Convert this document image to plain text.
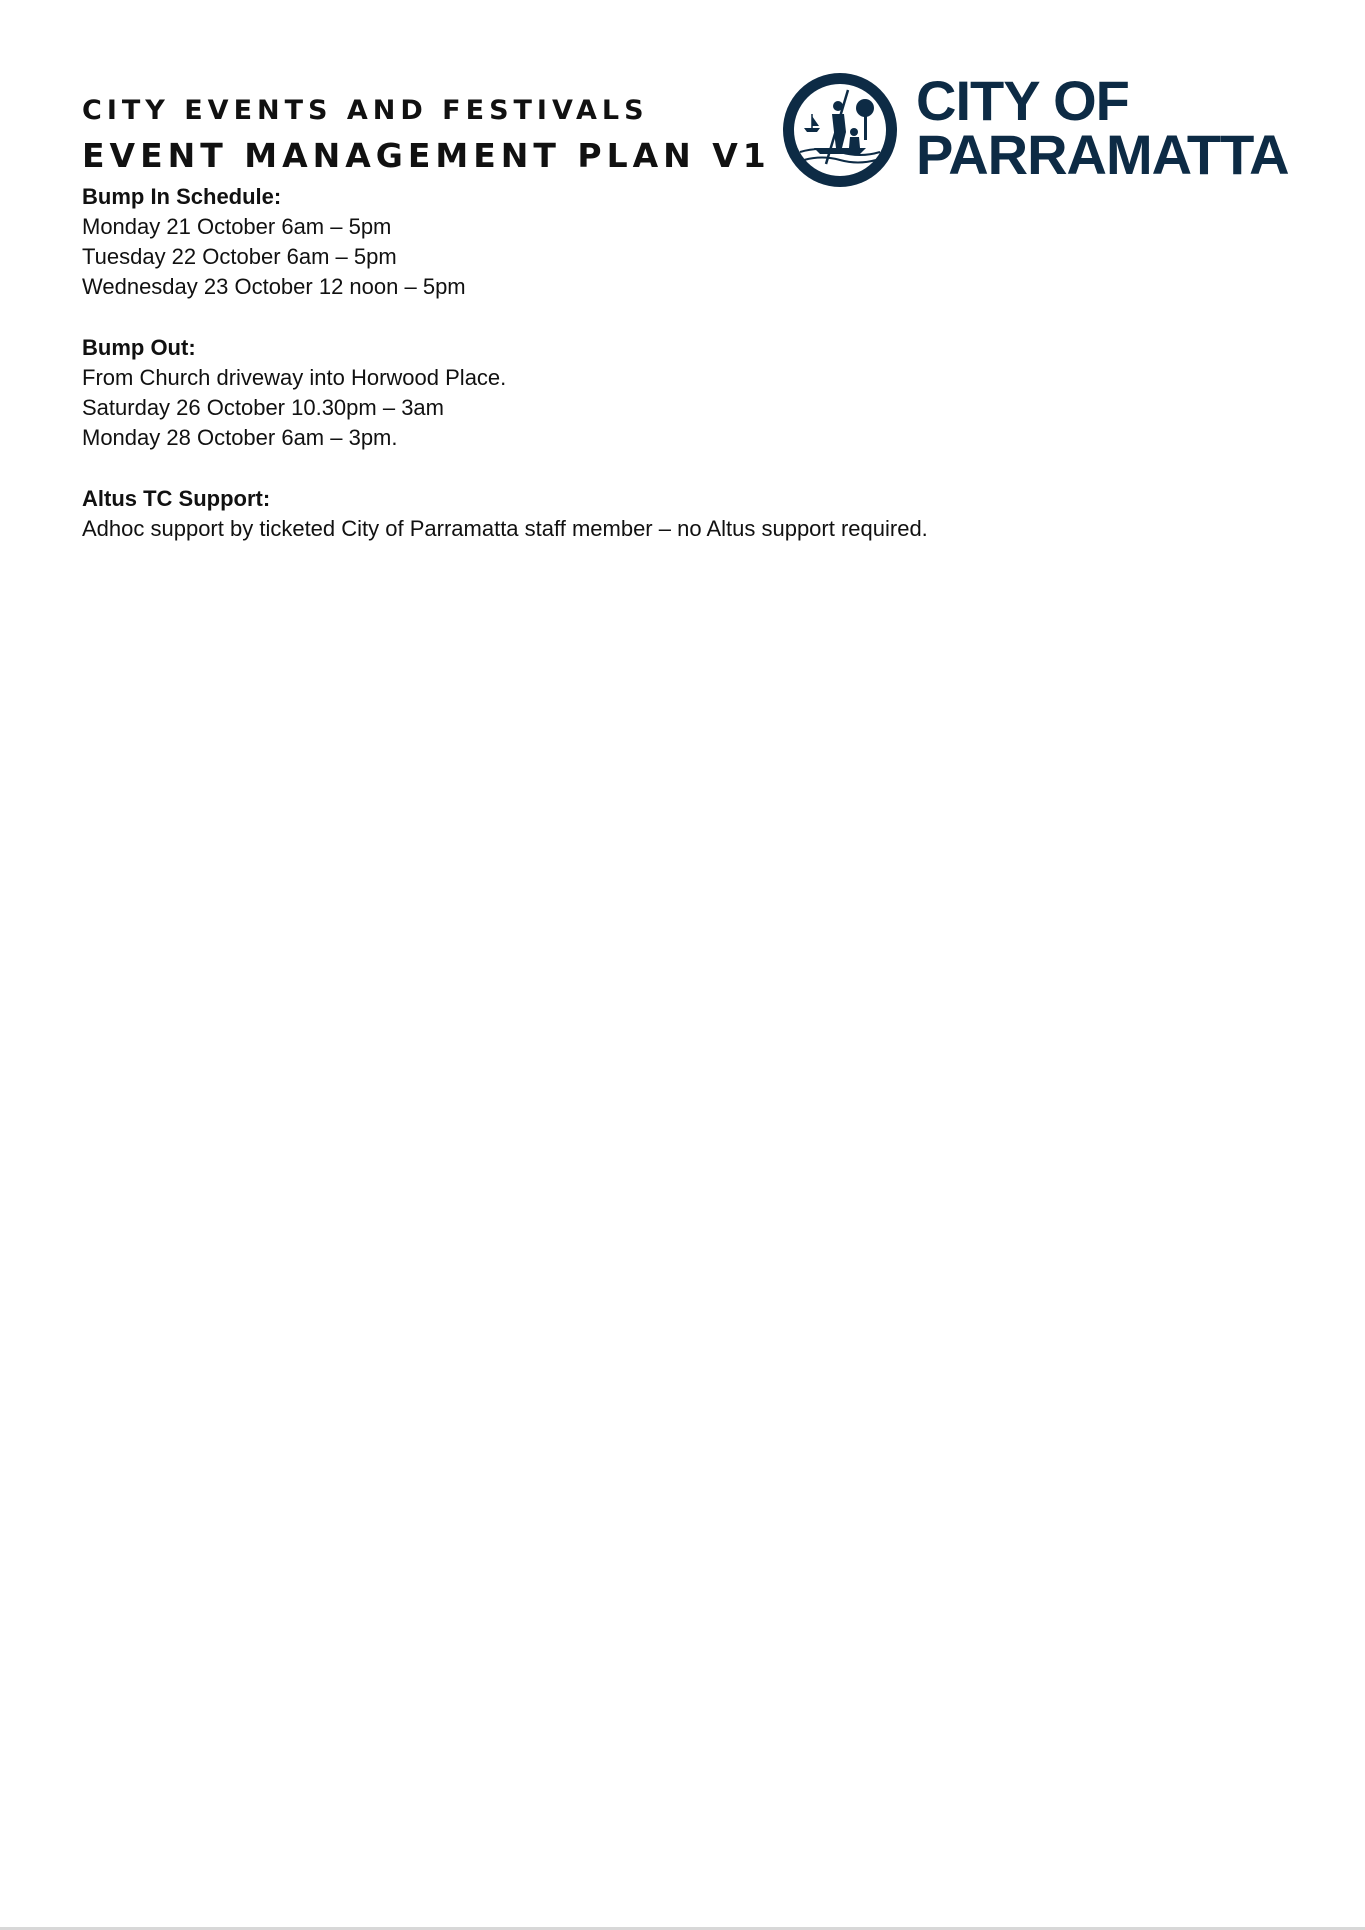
CITY EVENTS AND FESTIVALS
EVENT MANAGEMENT PLAN V1
CITY OF
PARRAMATTA
Bump In Schedule:
Monday 21 October 6am – 5pm
Tuesday 22 October 6am – 5pm
Wednesday 23 October 12 noon – 5pm
Bump Out:
From Church driveway into Horwood Place.
Saturday 26 October 10.30pm – 3am
Monday 28 October 6am – 3pm.
Altus TC Support:
Adhoc support by ticketed City of Parramatta staff member – no Altus support required.
